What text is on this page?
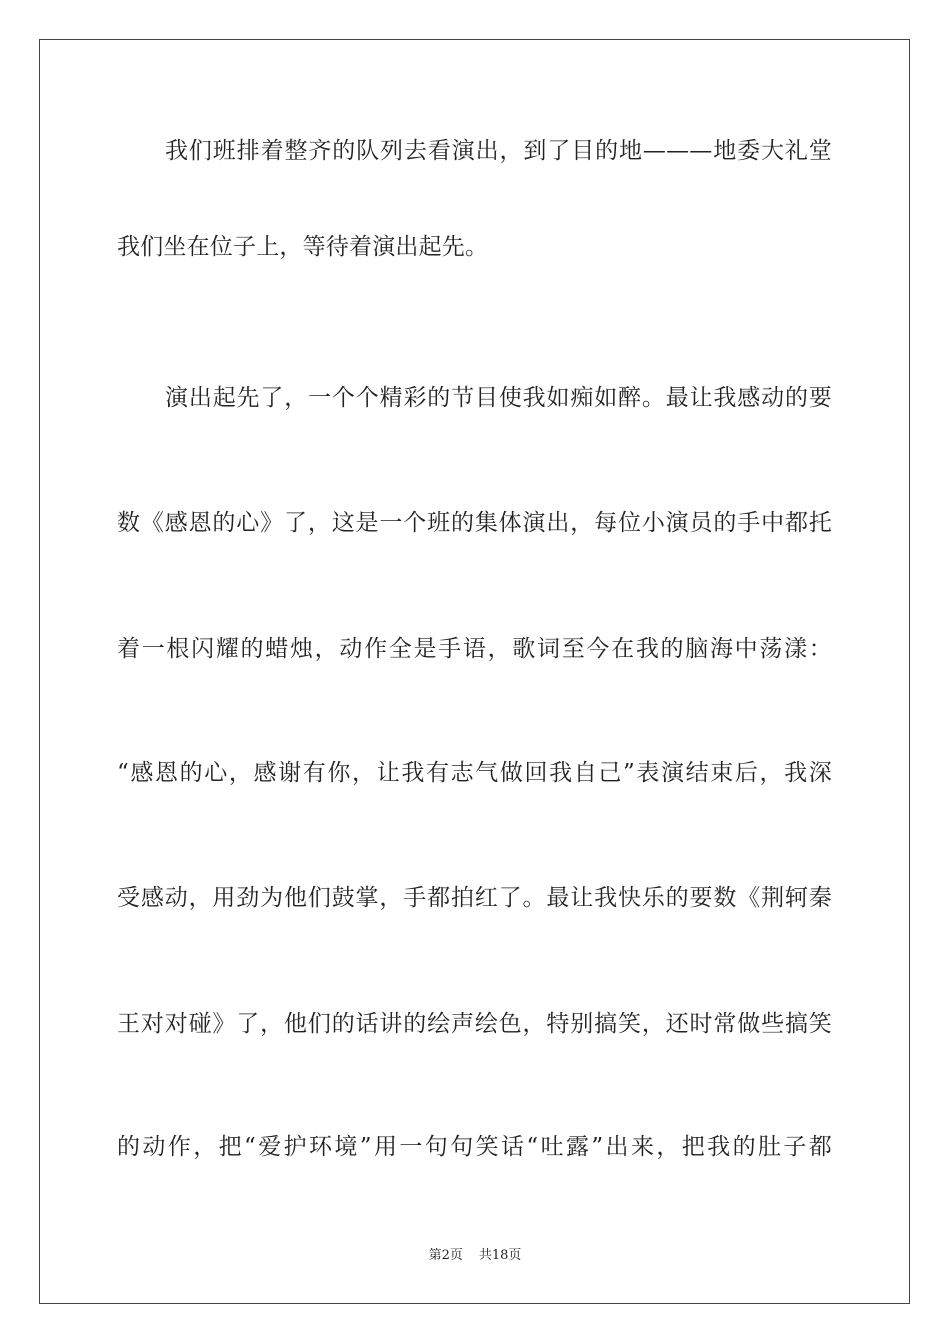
我们班排着整齐的队列去看演出，到了目的地———地委大礼堂
我们坐在位子上，等待着演出起先。
演出起先了，一个个精彩的节目使我如痴如醉。最让我感动的要
数《感恩的心》了，这是一个班的集体演出，每位小演员的手中都托
着一根闪耀的蜡烛，动作全是手语，歌词至今在我的脑海中荡漾：
“感恩的心，感谢有你，让我有志气做回我自己”表演结束后，我深
受感动，用劲为他们鼓掌，手都拍红了。最让我快乐的要数《荆轲秦
王对对碰》了，他们的话讲的绘声绘色，特别搞笑，还时常做些搞笑
的动作，把“爱护环境”用一句句笑话“吐露”出来，把我的肚子都
第2页 共18页
